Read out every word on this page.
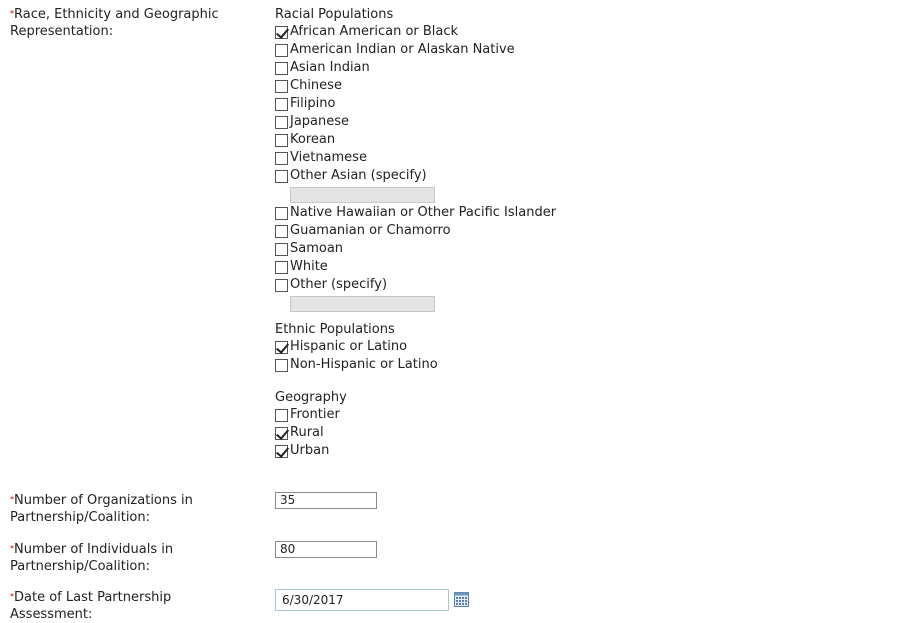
*Race, Ethnicity and Geographic Representation:
Racial Populations
African American or Black
American Indian or Alaskan Native
Asian Indian
Chinese
Filipino
Japanese
Korean
Vietnamese
Other Asian (specify)
Native Hawaiian or Other Pacific Islander
Guamanian or Chamorro
Samoan
White
Other (specify)
Ethnic Populations
Hispanic or Latino
Non-Hispanic or Latino
Geography
Frontier
Rural
Urban
*Number of Organizations in Partnership/Coalition:
35
*Number of Individuals in Partnership/Coalition:
80
*Date of Last Partnership Assessment:
6/30/2017
